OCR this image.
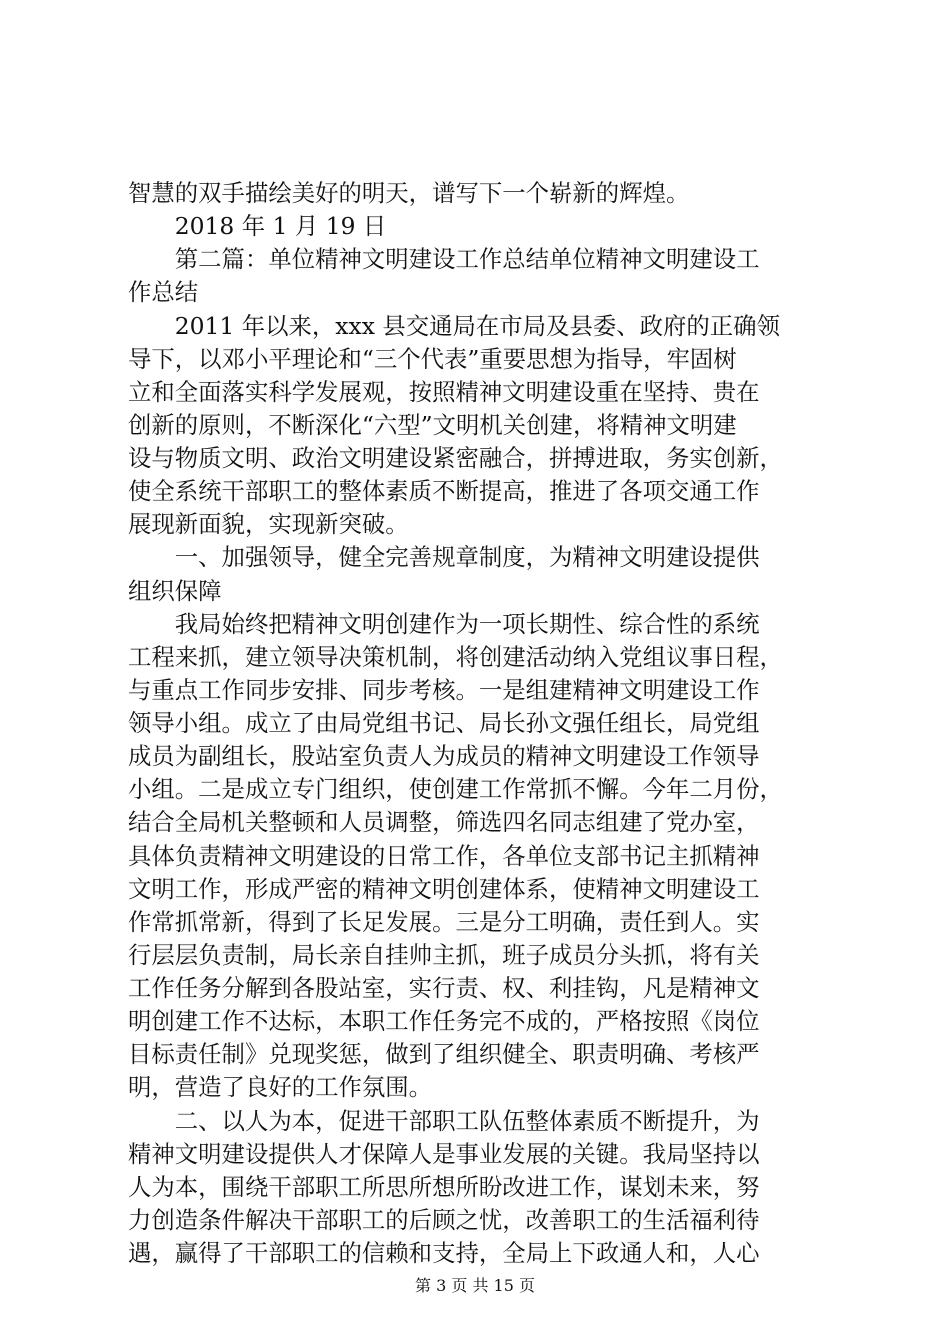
智慧的双手描绘美好的明天，谱写下一个崭新的辉煌。
　　2018 年 1 月 19 日
　　第二篇：单位精神文明建设工作总结单位精神文明建设工
作总结
　　2011 年以来，xxx 县交通局在市局及县委、政府的正确领
导下，以邓小平理论和“三个代表”重要思想为指导，牢固树
立和全面落实科学发展观，按照精神文明建设重在坚持、贵在
创新的原则，不断深化“六型”文明机关创建，将精神文明建
设与物质文明、政治文明建设紧密融合，拼搏进取，务实创新，
使全系统干部职工的整体素质不断提高，推进了各项交通工作
展现新面貌，实现新突破。
　　一、加强领导，健全完善规章制度，为精神文明建设提供
组织保障
　　我局始终把精神文明创建作为一项长期性、综合性的系统
工程来抓，建立领导决策机制，将创建活动纳入党组议事日程，
与重点工作同步安排、同步考核。一是组建精神文明建设工作
领导小组。成立了由局党组书记、局长孙文强任组长，局党组
成员为副组长，股站室负责人为成员的精神文明建设工作领导
小组。二是成立专门组织，使创建工作常抓不懈。今年二月份，
结合全局机关整顿和人员调整，筛选四名同志组建了党办室，
具体负责精神文明建设的日常工作，各单位支部书记主抓精神
文明工作，形成严密的精神文明创建体系，使精神文明建设工
作常抓常新，得到了长足发展。三是分工明确，责任到人。实
行层层负责制，局长亲自挂帅主抓，班子成员分头抓，将有关
工作任务分解到各股站室，实行责、权、利挂钩，凡是精神文
明创建工作不达标，本职工作任务完不成的，严格按照《岗位
目标责任制》兑现奖惩，做到了组织健全、职责明确、考核严
明，营造了良好的工作氛围。
　　二、以人为本，促进干部职工队伍整体素质不断提升，为
精神文明建设提供人才保障人是事业发展的关键。我局坚持以
人为本，围绕干部职工所思所想所盼改进工作，谋划未来，努
力创造条件解决干部职工的后顾之忧，改善职工的生活福利待
遇，赢得了干部职工的信赖和支持，全局上下政通人和，人心
第 3 页 共 15 页
